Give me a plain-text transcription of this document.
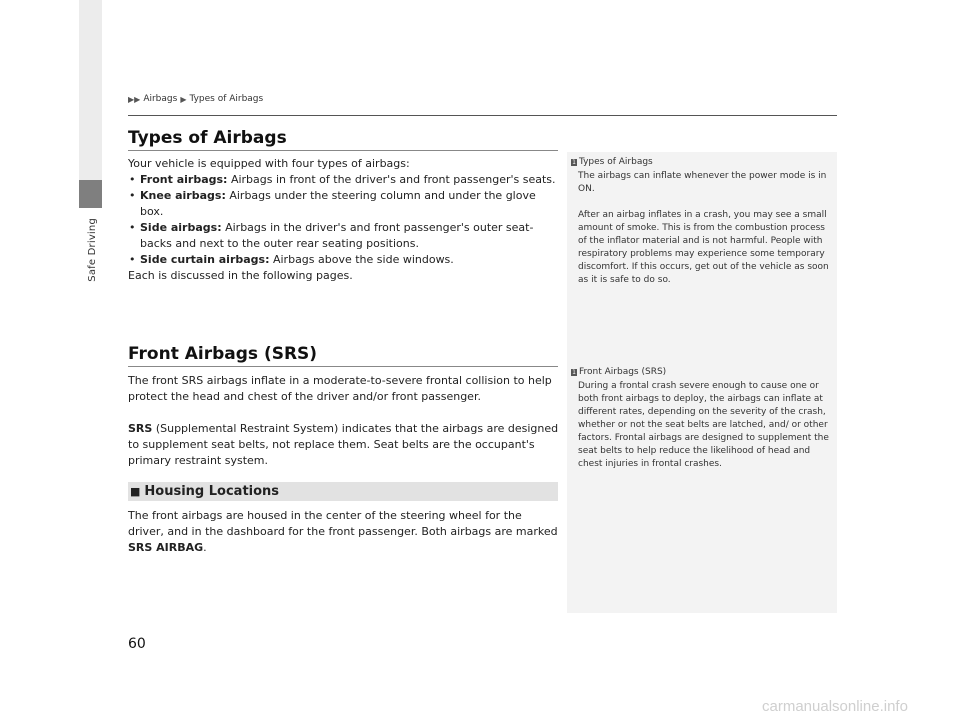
Safe Driving
▶▶ Airbags ▶ Types of Airbags
Types of Airbags

Your vehicle is equipped with four types of airbags:

• Front airbags: Airbags in front of the driver's and front passenger's seats.
• Knee airbags: Airbags under the steering column and under the glove box.
• Side airbags: Airbags in the driver's and front passenger's outer seat-backs and next to the outer rear seating positions.
• Side curtain airbags: Airbags above the side windows.

Each is discussed in the following pages.

Front Airbags (SRS)

The front SRS airbags inflate in a moderate-to-severe frontal collision to help protect the head and chest of the driver and/or front passenger.

SRS (Supplemental Restraint System) indicates that the airbags are designed to supplement seat belts, not replace them. Seat belts are the occupant's primary restraint system.

■ Housing Locations

The front airbags are housed in the center of the steering wheel for the driver, and in the dashboard for the front passenger. Both airbags are marked SRS AIRBAG.

1 Types of Airbags

The airbags can inflate whenever the power mode is in ON.

After an airbag inflates in a crash, you may see a small amount of smoke. This is from the combustion process of the inflator material and is not harmful. People with respiratory problems may experience some temporary discomfort. If this occurs, get out of the vehicle as soon as it is safe to do so.

1 Front Airbags (SRS)

During a frontal crash severe enough to cause one or both front airbags to deploy, the airbags can inflate at different rates, depending on the severity of the crash, whether or not the seat belts are latched, and/ or other factors. Frontal airbags are designed to supplement the seat belts to help reduce the likelihood of head and chest injuries in frontal crashes.

60
carmanualsonline.info
